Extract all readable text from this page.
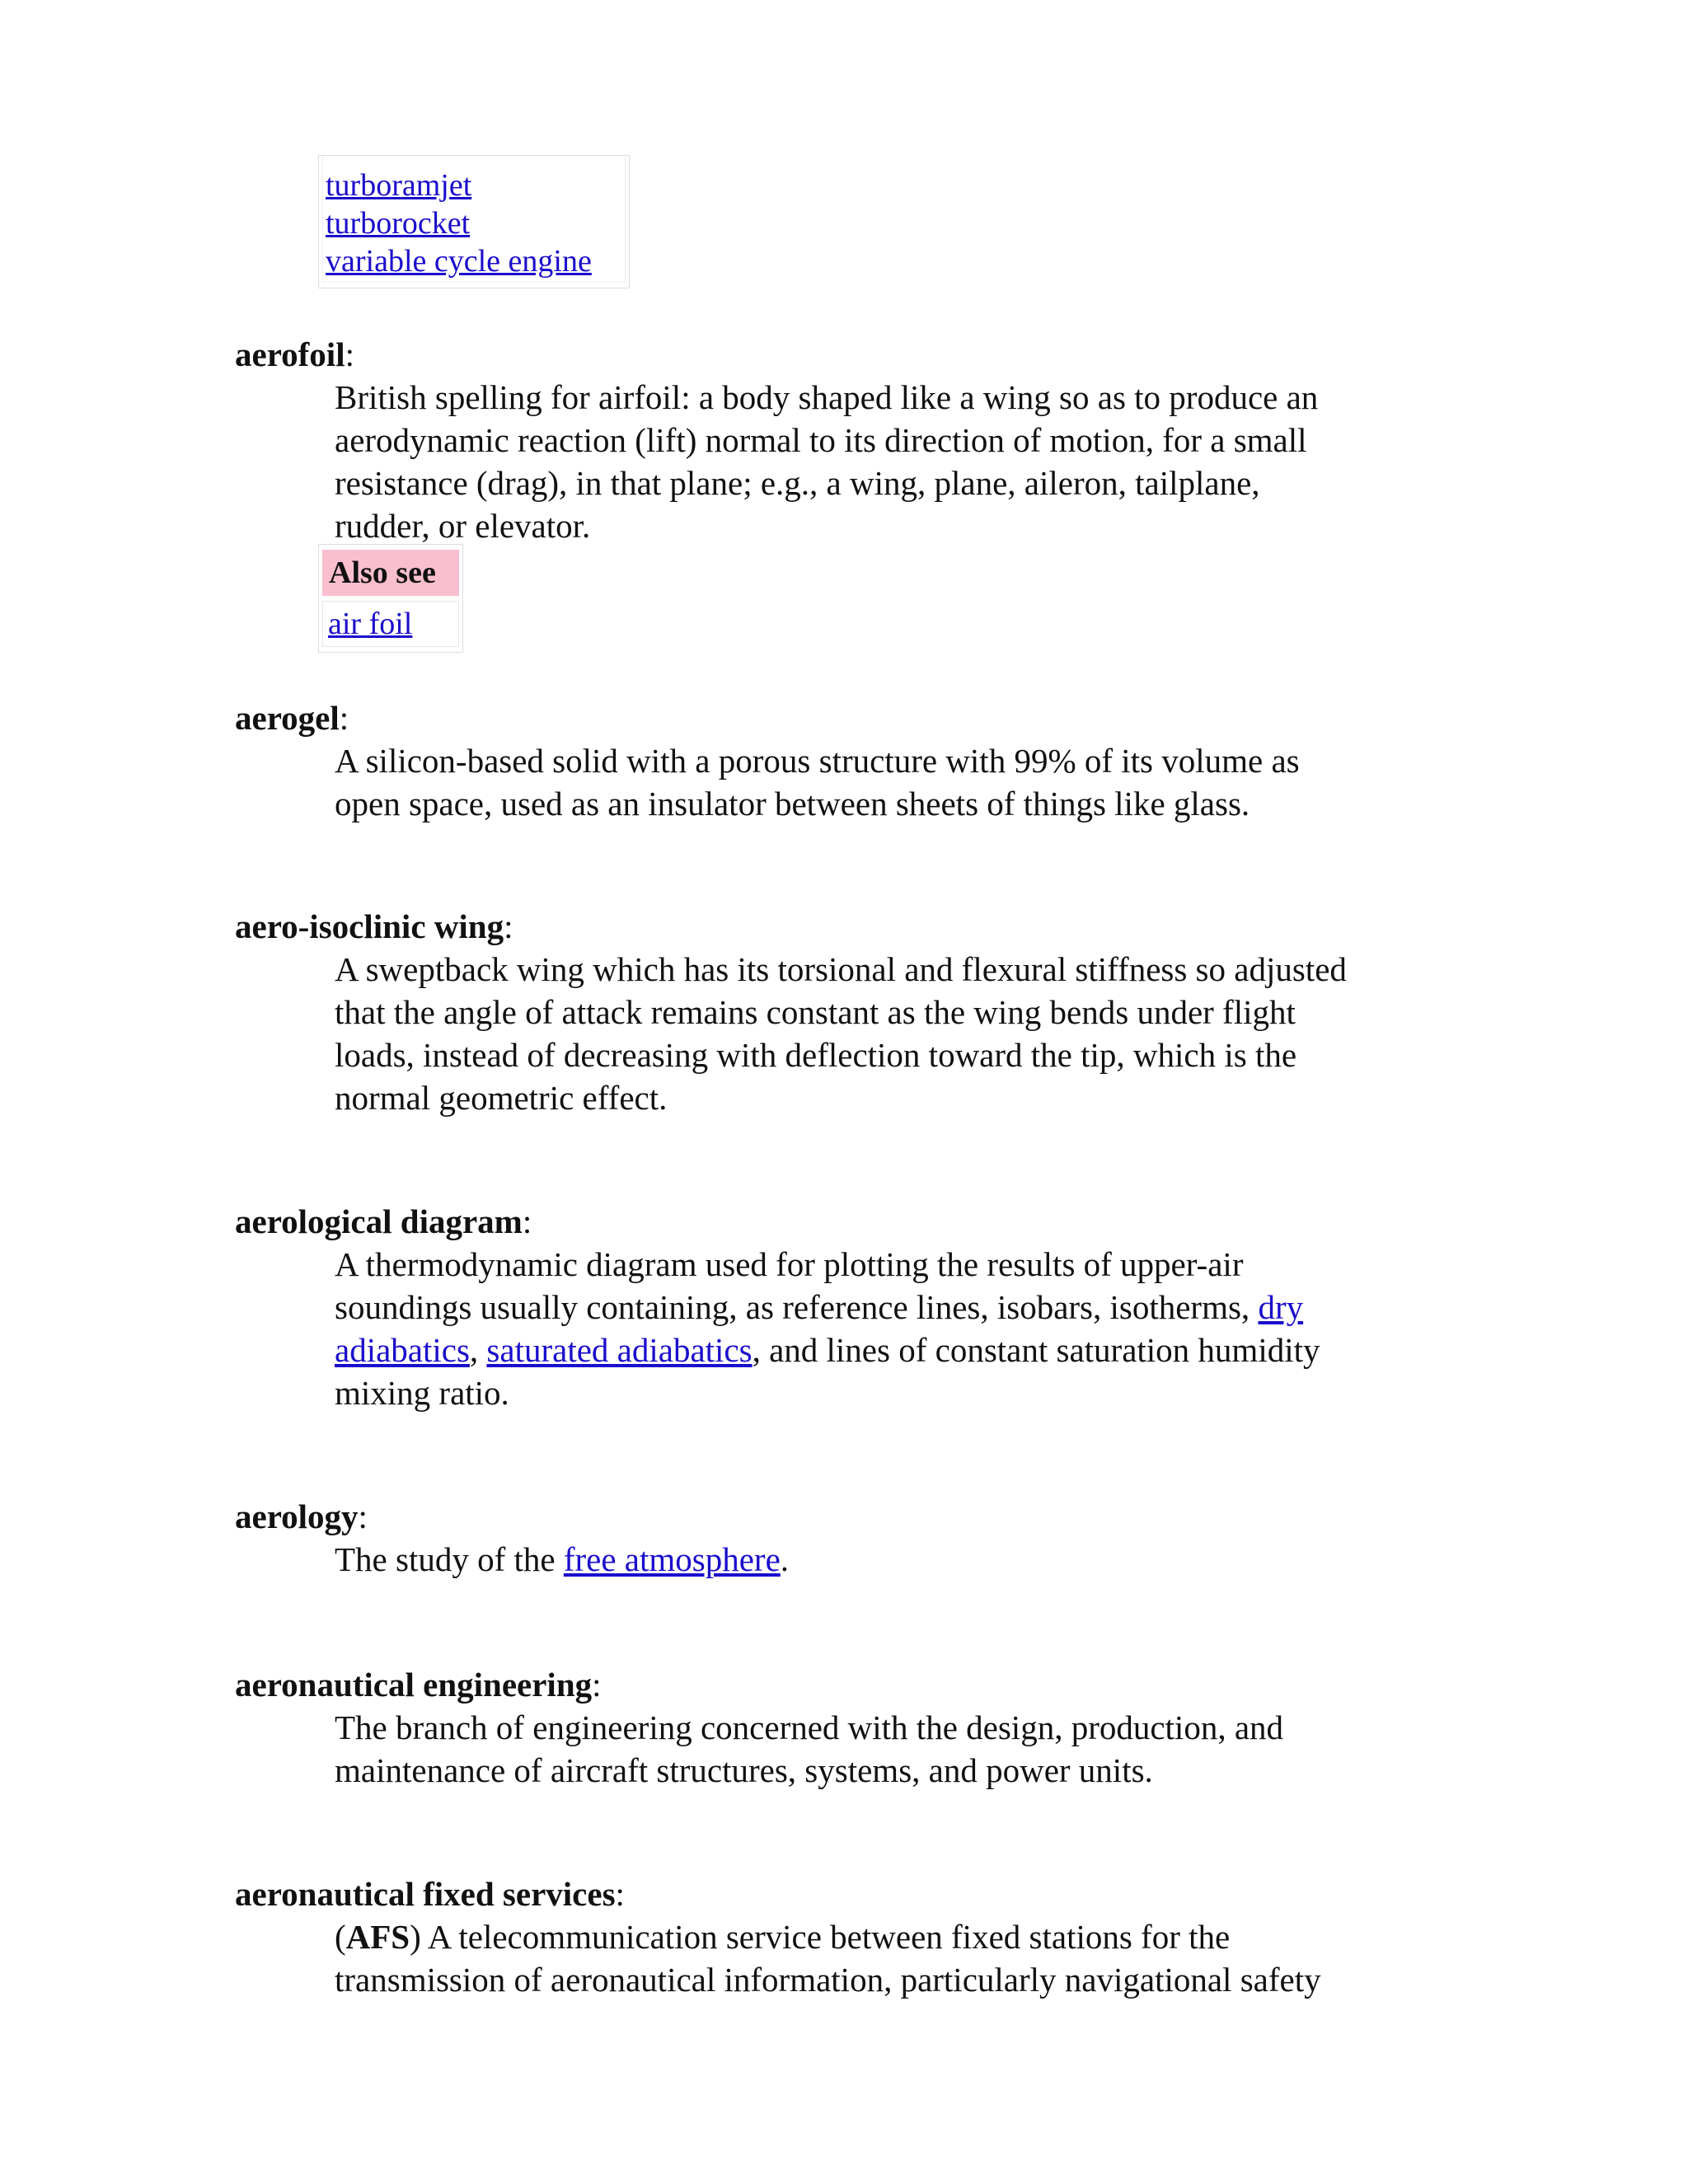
turboramjet
turborocket
variable cycle engine
aerofoil:
British spelling for airfoil: a body shaped like a wing so as to produce an
aerodynamic reaction (lift) normal to its direction of motion, for a small
resistance (drag), in that plane; e.g., a wing, plane, aileron, tailplane,
rudder, or elevator.
Also see
air foil
aerogel:
A silicon-based solid with a porous structure with 99% of its volume as
open space, used as an insulator between sheets of things like glass.
aero-isoclinic wing:
A sweptback wing which has its torsional and flexural stiffness so adjusted
that the angle of attack remains constant as the wing bends under flight
loads, instead of decreasing with deflection toward the tip, which is the
normal geometric effect.
aerological diagram:
A thermodynamic diagram used for plotting the results of upper-air
soundings usually containing, as reference lines, isobars, isotherms, dry
adiabatics, saturated adiabatics, and lines of constant saturation humidity
mixing ratio.
aerology:
The study of the free atmosphere.
aeronautical engineering:
The branch of engineering concerned with the design, production, and
maintenance of aircraft structures, systems, and power units.
aeronautical fixed services:
(AFS) A telecommunication service between fixed stations for the
transmission of aeronautical information, particularly navigational safety
